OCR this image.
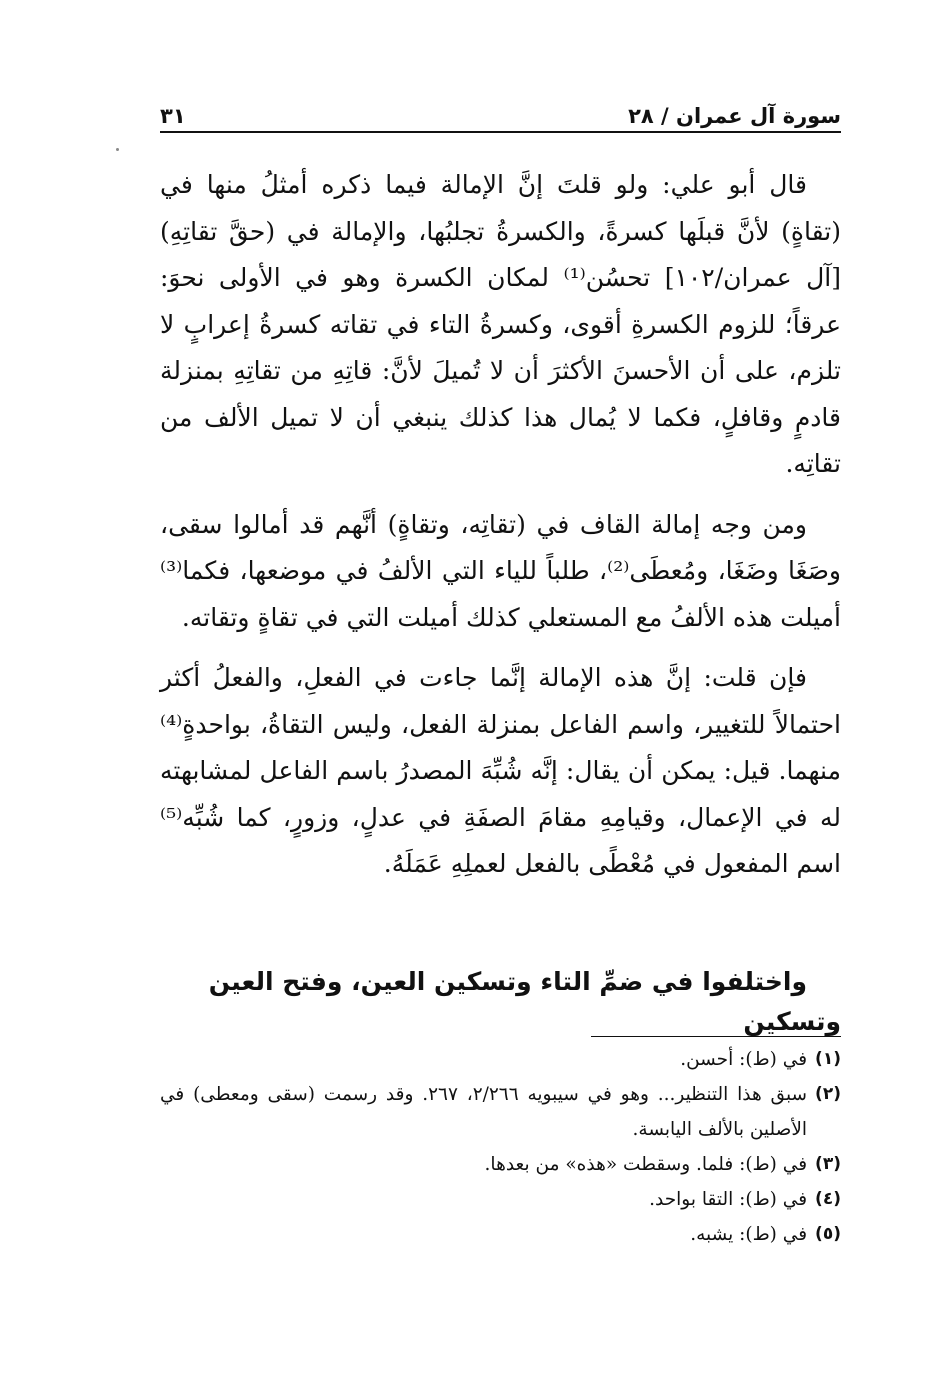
سورة آل عمران / ٢٨
٣١

قال أبو علي: ولو قلتَ إنَّ الإمالة فيما ذكره أمثلُ منها في (تقاةٍ) لأنَّ قبلَها كسرةً، والكسرةُ تجلبُها، والإمالة في (حقَّ تقاتِهِ) [آل عمران/١٠٢] تحسُن⁽¹⁾ لمكان الكسرة وهو في الأولى نحوَ: عرقاً؛ للزوم الكسرةِ أقوى، وكسرةُ التاء في تقاته كسرةُ إعرابٍ لا تلزم، على أن الأحسنَ الأكثرَ أن لا تُميلَ لأنَّ: قاتِهِ من تقاتِهِ بمنزلة قادمٍ وقافلٍ، فكما لا يُمال هذا كذلك ينبغي أن لا تميل الألف من تقاتِه.

ومن وجه إمالة القاف في (تقاتِه، وتقاةٍ) أنَّهم قد أمالوا سقى، وصَغَا وضَغَا، ومُعطَى⁽²⁾، طلباً للياء التي الألفُ في موضعها، فكما⁽³⁾ أميلت هذه الألفُ مع المستعلي كذلك أميلت التي في تقاةٍ وتقاته.

فإن قلت: إنَّ هذه الإمالة إنَّما جاءت في الفعلِ، والفعلُ أكثر احتمالاً للتغيير، واسم الفاعل بمنزلة الفعل، وليس التقاةُ، بواحدةٍ⁽⁴⁾ منهما. قيل: يمكن أن يقال: إنَّه شُبِّهَ المصدرُ باسم الفاعل لمشابهته له في الإعمال، وقيامِهِ مقامَ الصفَةِ في عدلٍ، وزورٍ، كما شُبِّه⁽⁵⁾ اسم المفعول في مُعْطًى بالفعل لعملِهِ عَمَلَهُ.

واختلفوا في ضمِّ التاء وتسكين العين، وفتح العين وتسكين
(١)
في (ط): أحسن.
(٢)
سبق هذا التنظير... وهو في سيبويه ٢/٢٦٦، ٢٦٧. وقد رسمت (سقى ومعطى) في الأصلين بالألف اليابسة.
(٣)
في (ط): فلما. وسقطت «هذه» من بعدها.
(٤)
في (ط): التقا بواحد.
(٥)
في (ط): يشبه.
